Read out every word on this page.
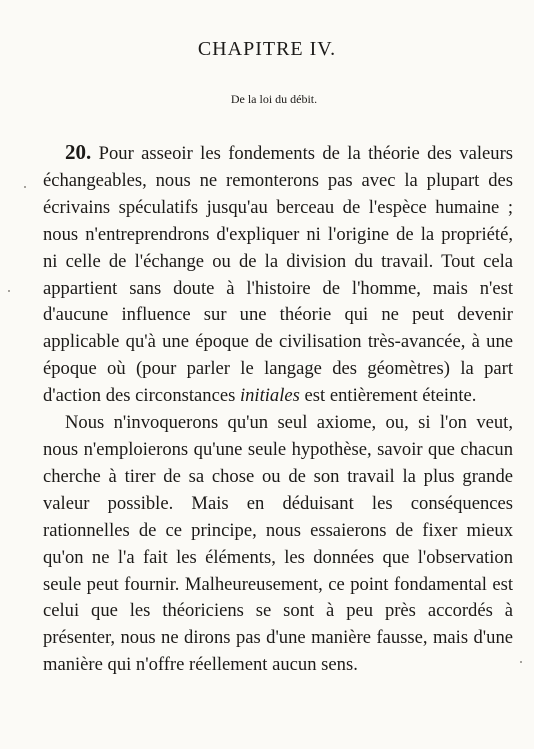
CHAPITRE IV.
De la loi du débit.

20. Pour asseoir les fondements de la théorie des valeurs échangeables, nous ne remonterons pas avec la plupart des écrivains spéculatifs jusqu'au berceau de l'espèce humaine ; nous n'entreprendrons d'expliquer ni l'origine de la propriété, ni celle de l'échange ou de la division du travail. Tout cela appartient sans doute à l'histoire de l'homme, mais n'est d'aucune influence sur une théorie qui ne peut devenir applicable qu'à une époque de civilisation très-avancée, à une époque où (pour parler le langage des géomètres) la part d'action des circonstances initiales est entièrement éteinte.

Nous n'invoquerons qu'un seul axiome, ou, si l'on veut, nous n'emploierons qu'une seule hypothèse, savoir que chacun cherche à tirer de sa chose ou de son travail la plus grande valeur possible. Mais en déduisant les conséquences rationnelles de ce principe, nous essaierons de fixer mieux qu'on ne l'a fait les éléments, les données que l'observation seule peut fournir. Malheureusement, ce point fondamental est celui que les théoriciens se sont à peu près accordés à présenter, nous ne dirons pas d'une manière fausse, mais d'une manière qui n'offre réellement aucun sens.
